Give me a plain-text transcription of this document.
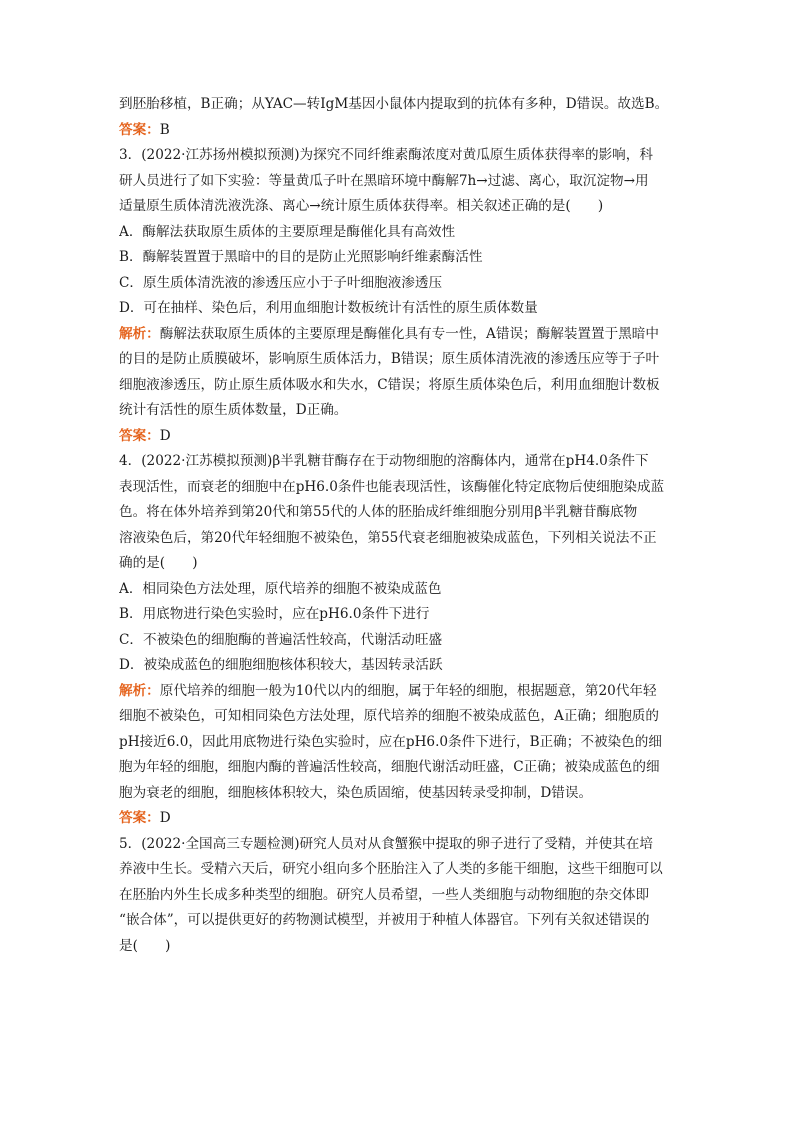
到胚胎移植，B正确；从YAC—转IgM基因小鼠体内提取到的抗体有多种，D错误。故选B。
答案：B
3．(2022·江苏扬州模拟预测)为探究不同纤维素酶浓度对黄瓜原生质体获得率的影响，科
研人员进行了如下实验：等量黄瓜子叶在黑暗环境中酶解7h→过滤、离心，取沉淀物→用
适量原生质体清洗液洗涤、离心→统计原生质体获得率。相关叙述正确的是(　　)
A．酶解法获取原生质体的主要原理是酶催化具有高效性
B．酶解装置置于黑暗中的目的是防止光照影响纤维素酶活性
C．原生质体清洗液的渗透压应小于子叶细胞液渗透压
D．可在抽样、染色后，利用血细胞计数板统计有活性的原生质体数量
解析：酶解法获取原生质体的主要原理是酶催化具有专一性，A错误；酶解装置置于黑暗中
的目的是防止质膜破坏，影响原生质体活力，B错误；原生质体清洗液的渗透压应等于子叶
细胞液渗透压，防止原生质体吸水和失水，C错误；将原生质体染色后，利用血细胞计数板
统计有活性的原生质体数量，D正确。
答案：D
4．(2022·江苏模拟预测)β半乳糖苷酶存在于动物细胞的溶酶体内，通常在pH4.0条件下
表现活性，而衰老的细胞中在pH6.0条件也能表现活性，该酶催化特定底物后使细胞染成蓝
色。将在体外培养到第20代和第55代的人体的胚胎成纤维细胞分别用β半乳糖苷酶底物
溶液染色后，第20代年轻细胞不被染色，第55代衰老细胞被染成蓝色，下列相关说法不正
确的是(　　)
A．相同染色方法处理，原代培养的细胞不被染成蓝色
B．用底物进行染色实验时，应在pH6.0条件下进行
C．不被染色的细胞酶的普遍活性较高，代谢活动旺盛
D．被染成蓝色的细胞细胞核体积较大，基因转录活跃
解析：原代培养的细胞一般为10代以内的细胞，属于年轻的细胞，根据题意，第20代年轻
细胞不被染色，可知相同染色方法处理，原代培养的细胞不被染成蓝色，A正确；细胞质的
pH接近6.0，因此用底物进行染色实验时，应在pH6.0条件下进行，B正确；不被染色的细
胞为年轻的细胞，细胞内酶的普遍活性较高，细胞代谢活动旺盛，C正确；被染成蓝色的细
胞为衰老的细胞，细胞核体积较大，染色质固缩，使基因转录受抑制，D错误。
答案：D
5．(2022·全国高三专题检测)研究人员对从食蟹猴中提取的卵子进行了受精，并使其在培
养液中生长。受精六天后，研究小组向多个胚胎注入了人类的多能干细胞，这些干细胞可以
在胚胎内外生长成多种类型的细胞。研究人员希望，一些人类细胞与动物细胞的杂交体即
“嵌合体”，可以提供更好的药物测试模型，并被用于种植人体器官。下列有关叙述错误的
是(　　)
